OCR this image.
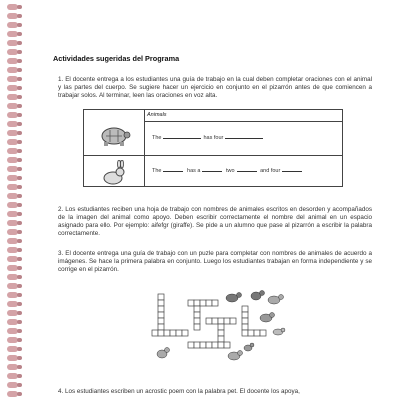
Actividades sugeridas del Programa
1. El docente entrega a los estudiantes una guía de trabajo en la cual deben completar oraciones con el animal y las partes del cuerpo. Se sugiere hacer un ejercicio en conjunto en el pizarrón antes de que comiencen a trabajar solos. Al terminar, leen las oraciones en voz alta.
Animals
The	has four
The	has a	two	and four
2. Los estudiantes reciben una hoja de trabajo con nombres de animales escritos en desorden y acompañados de la imagen del animal como apoyo. Deben escribir correctamente el nombre del animal en un espacio asignado para ello. Por ejemplo: aifefgr (giraffe). Se pide a un alumno que pase al pizarrón a escribir la palabra correctamente.
3. El docente entrega una guía de trabajo con un puzle para completar con nombres de animales de acuerdo a imágenes. Se hace la primera palabra en conjunto. Luego los estudiantes trabajan en forma independiente y se corrige en el pizarrón.
4. Los estudiantes escriben un acrostic poem con la palabra pet. El docente los apoya,
